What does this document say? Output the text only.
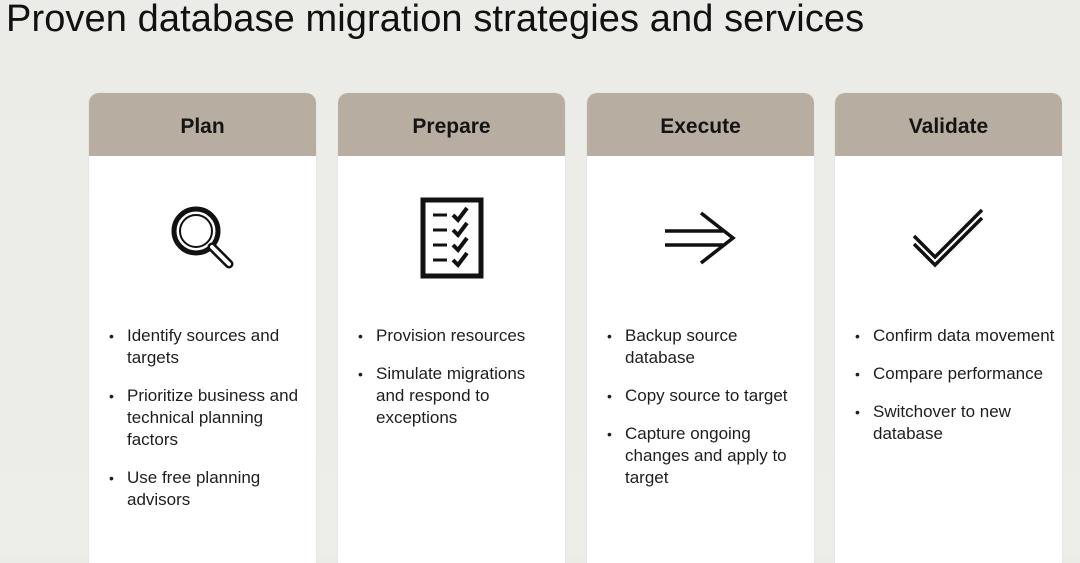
Proven database migration strategies and services
Plan
• Identify sources and targets
• Prioritize business and technical planning factors
• Use free planning advisors
Prepare
• Provision resources
• Simulate migrations and respond to exceptions
Execute
• Backup source database
• Copy source to target
• Capture ongoing changes and apply to target
Validate
• Confirm data movement
• Compare performance
• Switchover to new database
